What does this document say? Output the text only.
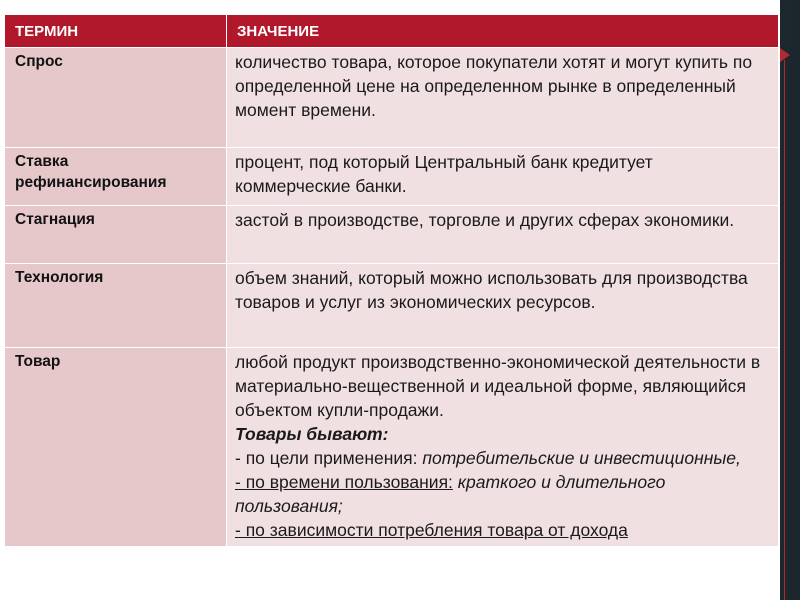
ТЕРМИН	ЗНАЧЕНИЕ
Спрос	количество товара, которое покупатели хотят и могут купить по определенной цене на определенном рынке в определенный момент времени.
Ставка рефинансирования	процент, под который Центральный банк кредитует коммерческие банки.
Стагнация	застой в производстве, торговле и других сферах экономики.
Технология	объем знаний, который можно использовать для производства товаров и услуг из экономических ресурсов.
Товар	любой продукт производственно-экономической деятельности в материально-вещественной и идеальной форме, являющийся объектом купли-продажи.
Товары бывают:
- по цели применения: потребительские и инвестиционные,
- по времени пользования: краткого и длительного пользования;
- по зависимости потребления товара от дохода
